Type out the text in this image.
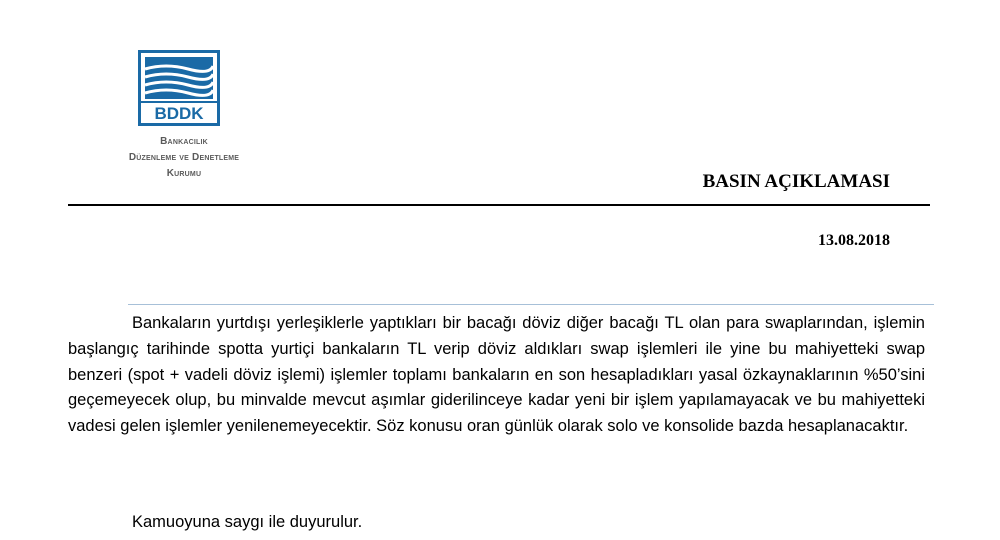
BDDK
Bankacılık
Düzenleme ve Denetleme
Kurumu	BASIN AÇIKLAMASI
13.08.2018

Bankaların yurtdışı yerleşiklerle yaptıkları bir bacağı döviz diğer bacağı TL olan para swaplarından, işlemin başlangıç tarihinde spotta yurtiçi bankaların TL verip döviz aldıkları swap işlemleri ile yine bu mahiyetteki swap benzeri (spot + vadeli döviz işlemi) işlemler toplamı bankaların en son hesapladıkları yasal özkaynaklarının %50’sini geçemeyecek olup, bu minvalde mevcut aşımlar giderilinceye kadar yeni bir işlem yapılamayacak ve bu mahiyetteki vadesi gelen işlemler yenilenemeyecektir. Söz konusu oran günlük olarak solo ve konsolide bazda hesaplanacaktır.

Kamuoyuna saygı ile duyurulur.
